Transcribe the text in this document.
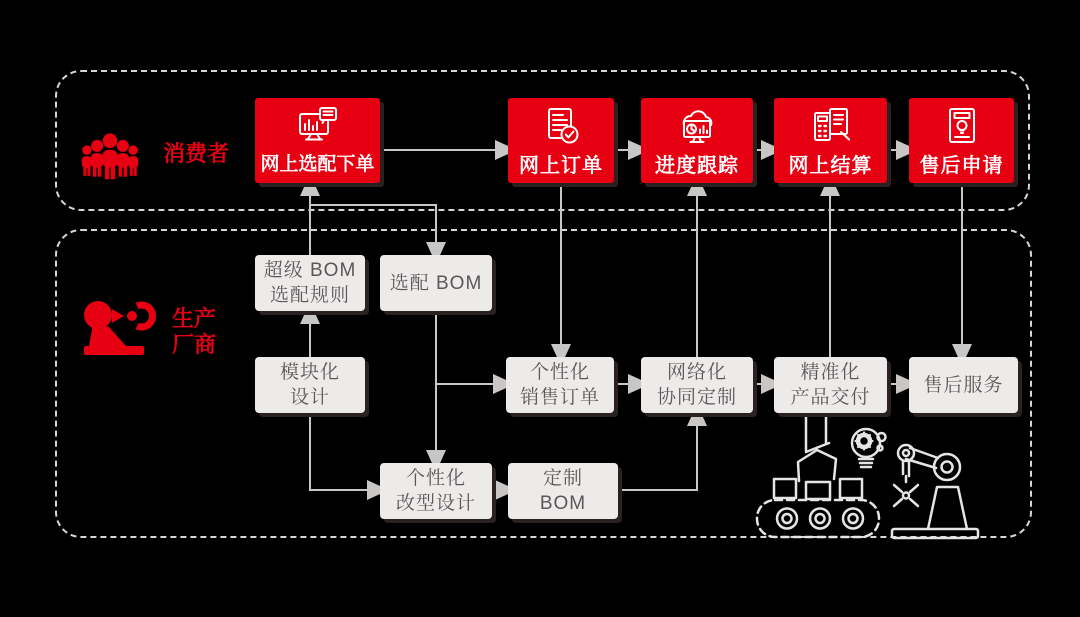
消费者
生产
厂商
网上选配下单	网上订单	进度跟踪 网上结算 售后申请
超级 BOM
选配规则
选配 BOM
模块化
设计
个性化
销售订单
网络化
协同定制
精准化
产品交付
售后服务
个性化
改型设计
定制
BOM
